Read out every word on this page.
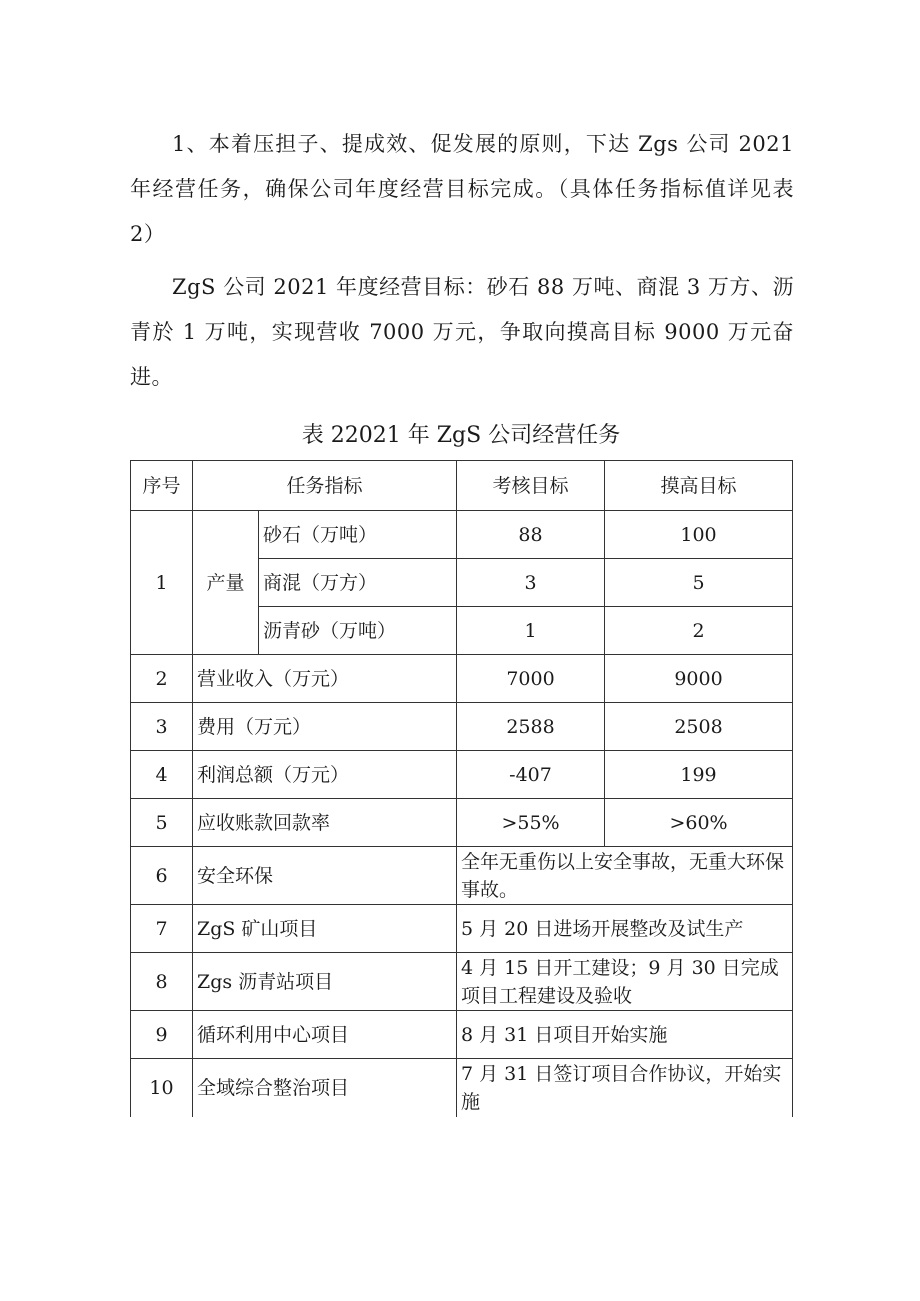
1、本着压担子、提成效、促发展的原则，下达 Zgs 公司 2021 年经营任务，确保公司年度经营目标完成。（具体任务指标值详见表 2）

ZgS 公司 2021 年度经营目标：砂石 88 万吨、商混 3 万方、沥青於 1 万吨，实现营收 7000 万元，争取向摸高目标 9000 万元奋进。

表 22021 年 ZgS 公司经营任务

序号	任务指标		考核目标	摸高目标
1	产量	砂石（万吨）	88	100
		商混（万方）	3	5
		沥青砂（万吨）	1	2
2	营业收入（万元）		7000	9000
3	费用（万元）		2588	2508
4	利润总额（万元）		-407	199
5	应收账款回款率		>55%	>60%
6	安全环保		全年无重伤以上安全事故，无重大环保事故。	
7	ZgS 矿山项目		5 月 20 日进场开展整改及试生产	
8	Zgs 沥青站项目		4 月 15 日开工建设；9 月 30 日完成项目工程建设及验收	
9	循环利用中心项目		8 月 31 日项目开始实施	
10	全域综合整治项目		7 月 31 日签订项目合作协议，开始实施	
